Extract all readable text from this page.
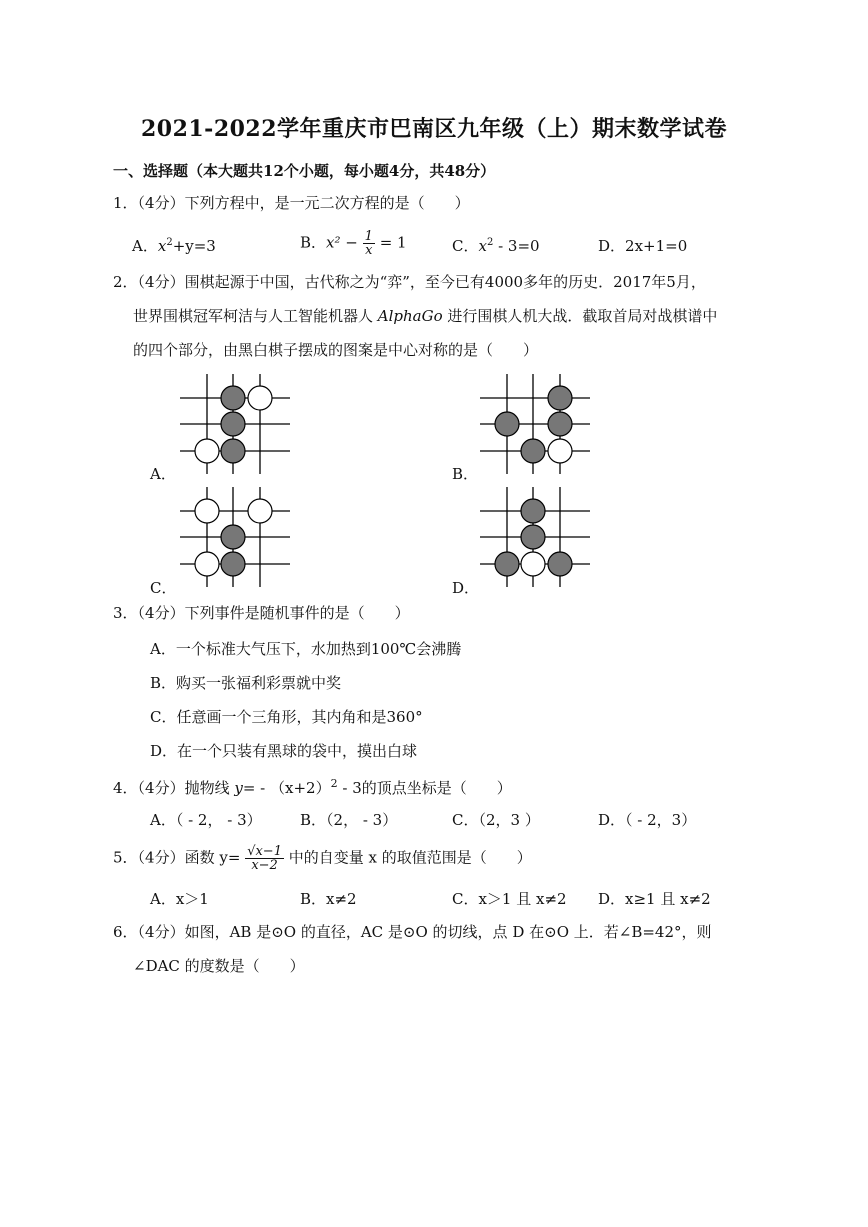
2021-2022学年重庆市巴南区九年级（上）期末数学试卷
一、选择题（本大题共12个小题，每小题4分，共48分）
1．（4分）下列方程中，是一元二次方程的是（　　）
A．$x^2+y=3$	B．$x^2 - \frac{1}{x} = 1$	C．$x^2 - 3=0$	D．2x+1=0
2．（4分）围棋起源于中国，古代称之为“弈”，至今已有4000多年的历史．2017年5月，
世界围棋冠军柯洁与人工智能机器人 AlphaGo 进行围棋人机大战．截取首局对战棋谱中
的四个部分，由黑白棋子摆成的图案是中心对称的是（　　）
A．	B．
C．	D．
3．（4分）下列事件是随机事件的是（　　）
A．一个标准大气压下，水加热到100℃会沸腾
B．购买一张福利彩票就中奖
C．任意画一个三角形，其内角和是360°
D．在一个只装有黑球的袋中，摸出白球
4．（4分）抛物线 $y= - (x+2)^2 - 3$的顶点坐标是（　　）
A．（ - 2， - 3）	B．（2， - 3）	C．（2，3 ）	D．（ - 2，3）
5．（4分）函数 $y= \frac{√x-1}{x-2}$ 中的自变量 x 的取值范围是（　　）
A．x＞1	B．x≠2	C．x＞1 且 x≠2 D．x≥1 且 x≠2
6．（4分）如图，AB 是⊙O 的直径，AC 是⊙O 的切线，点 D 在⊙O 上．若∠B=42°，则
∠DAC 的度数是（　　）
